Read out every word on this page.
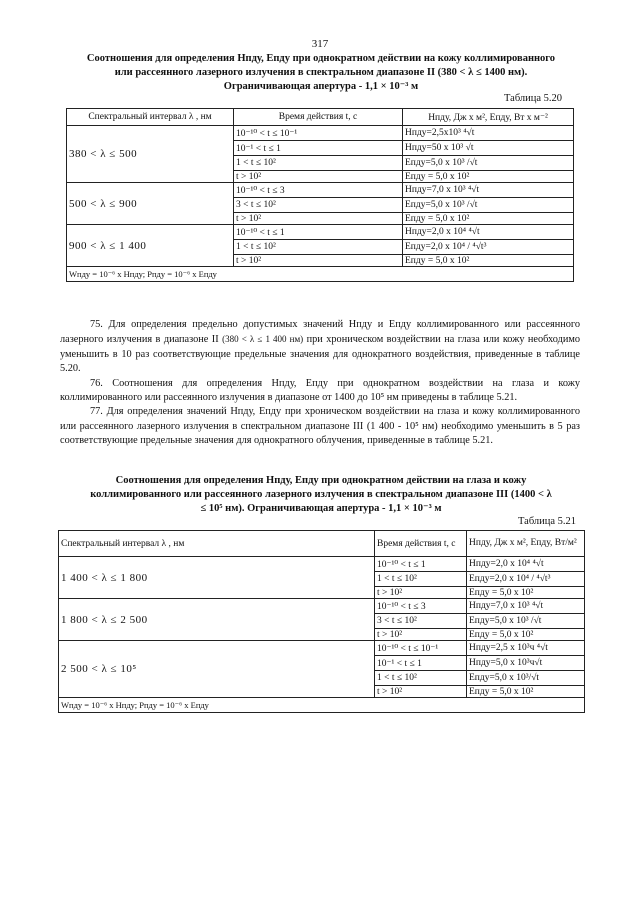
317
Соотношения для определения Hпду, Eпду при однократном действии на кожу коллимированного
или рассеянного лазерного излучения в спектральном диапазоне II (380 < λ ≤ 1400 нм).
Ограничивающая апертура - 1,1 × 10⁻³ м
Таблица 5.20
Спектральный интервал λ , нм	Время действия t, с	Нпду, Дж х м², Епду, Вт х м⁻²
380 < λ ≤ 500	10⁻¹⁰ < t ≤ 10⁻¹	Hпду=2,5x10³ ⁴√t
	10⁻¹ < t ≤ 1	Hпду=50 x 10³ √t
	1 < t ≤ 10²	Eпду=5,0 x 10³ /√t
	t > 10²	Eпду = 5,0 x 10²
500 < λ ≤ 900	10⁻¹⁰ < t ≤ 3	Hпду=7,0 x 10³ ⁴√t
	3 < t ≤ 10²	Eпду=5,0 x 10³ /√t
	t > 10²	Епду = 5,0 x 10²
900 < λ ≤ 1 400	10⁻¹⁰ < t ≤ 1	Hпду=2,0 x 10⁴ ⁴√t
	1 < t ≤ 10²	Eпду=2,0 x 10⁴ / ⁴√t³
	t > 10²	Eпду = 5,0 x 10²
Wпду = 10⁻⁶ x Hпду; Pпду = 10⁻⁶ x Eпду		

75. Для определения предельно допустимых значений Нпду и Епду коллимированного или рассеянного лазерного излучения в диапазоне II (380 < λ ≤ 1 400 нм) при хроническом воздействии на глаза или кожу необходимо уменьшить в 10 раз соответствующие предельные значения для однократного воздействия, приведенные в таблице 5.20.

76. Соотношения для определения Нпду, Епду при однократном воздействии на глаза и кожу коллимированного или рассеянного излучения в диапазоне от 1400 до 10⁵ нм приведены в таблице 5.21.

77. Для определения значений Нпду, Епду при хроническом воздействии на глаза и кожу коллимированного или рассеянного лазерного излучения в спектральном диапазоне III (1 400 - 10⁵ нм) необходимо уменьшить в 5 раз соответствующие предельные значения для однократного облучения, приведенные в таблице 5.21.

Соотношения для определения Нпду, Епду при однократном действии на глаза и кожу
коллимированного или рассеянного лазерного излучения в спектральном диапазоне III (1400 < λ
≤ 10⁵ нм). Ограничивающая апертура - 1,1 × 10⁻³ м
Таблица 5.21
Спектральный интервал λ , нм	Время действия t, с	Hпду, Дж х м², Eпду, Вт/м²
1 400 < λ ≤ 1 800	10⁻¹⁰ < t ≤ 1	Hпду=2,0 x 10⁴ ⁴√t
	1 < t ≤ 10²	Eпду=2,0 x 10⁴ / ⁴√t³
	t > 10²	Eпду = 5,0 x 10²
1 800 < λ ≤ 2 500	10⁻¹⁰ < t ≤ 3	Hпду=7,0 x 10³ ⁴√t
	3 < t ≤ 10²	Eпду=5,0 x 10³ /√t
	t > 10²	Eпду = 5,0 x 10²
2 500 < λ ≤ 10⁵	10⁻¹⁰ < t ≤ 10⁻¹	Hпду=2,5 x 10³ч ⁴√t
	10⁻¹ < t ≤ 1	Hпду=5,0 x 10³ч√t
	1 < t ≤ 10²	Eпду=5,0 x 10³/√t
	t > 10²	Eпду = 5,0 x 10²
Wпду = 10⁻⁶ x Hпду; Pпду = 10⁻⁶ x Eпду		
